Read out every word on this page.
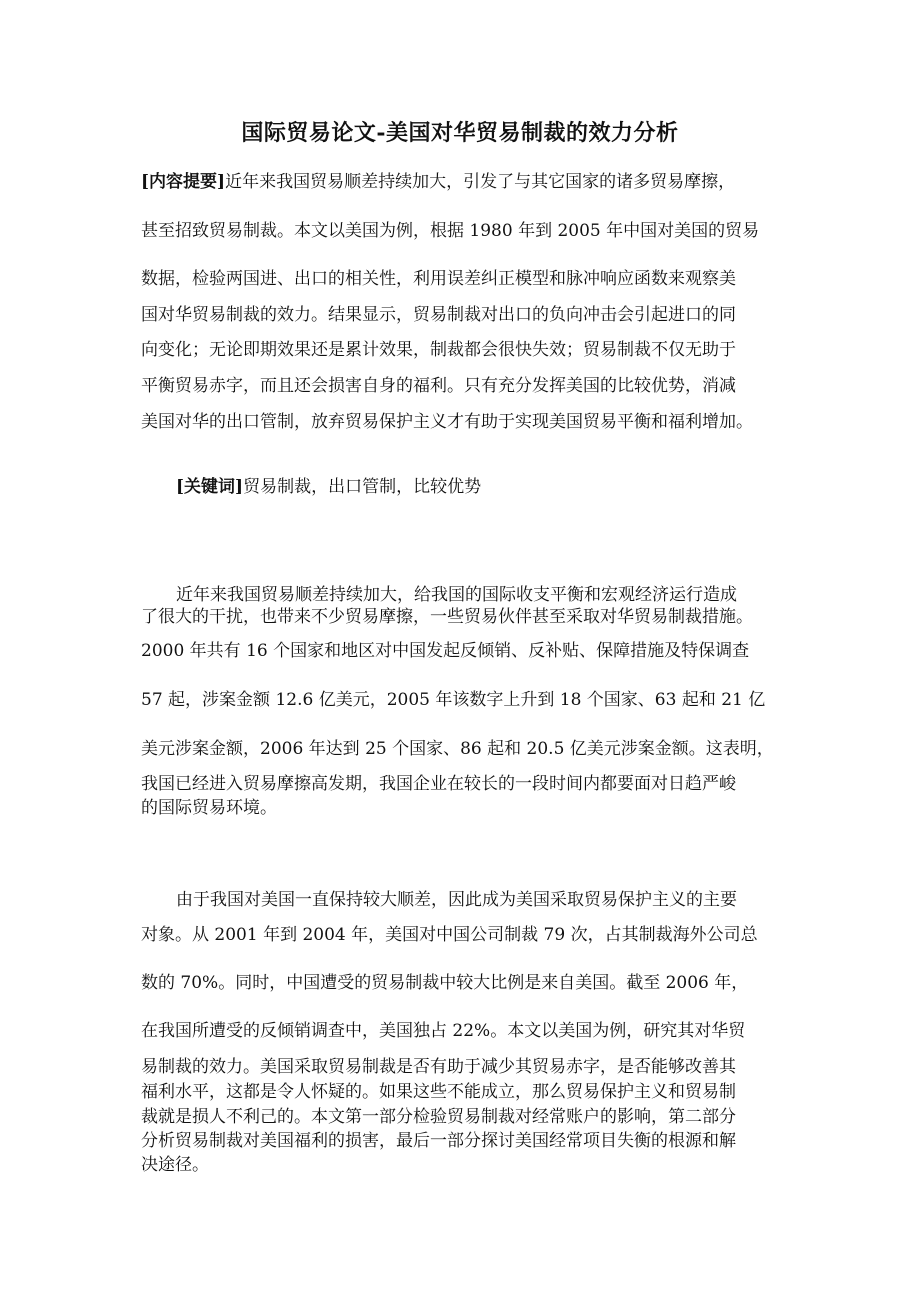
国际贸易论文-美国对华贸易制裁的效力分析
[内容提要]近年来我国贸易顺差持续加大，引发了与其它国家的诸多贸易摩擦，
甚至招致贸易制裁。本文以美国为例，根据 1980 年到 2005 年中国对美国的贸易
数据，检验两国进、出口的相关性，利用误差纠正模型和脉冲响应函数来观察美
国对华贸易制裁的效力。结果显示，贸易制裁对出口的负向冲击会引起进口的同
向变化；无论即期效果还是累计效果，制裁都会很快失效；贸易制裁不仅无助于
平衡贸易赤字，而且还会损害自身的福利。只有充分发挥美国的比较优势，消减
美国对华的出口管制，放弃贸易保护主义才有助于实现美国贸易平衡和福利增加。
[关键词]贸易制裁，出口管制，比较优势
近年来我国贸易顺差持续加大，给我国的国际收支平衡和宏观经济运行造成
了很大的干扰，也带来不少贸易摩擦，一些贸易伙伴甚至采取对华贸易制裁措施。
2000 年共有 16 个国家和地区对中国发起反倾销、反补贴、保障措施及特保调查
57 起，涉案金额 12.6 亿美元，2005 年该数字上升到 18 个国家、63 起和 21 亿
美元涉案金额，2006 年达到 25 个国家、86 起和 20.5 亿美元涉案金额。这表明，
我国已经进入贸易摩擦高发期，我国企业在较长的一段时间内都要面对日趋严峻
的国际贸易环境。
由于我国对美国一直保持较大顺差，因此成为美国采取贸易保护主义的主要
对象。从 2001 年到 2004 年，美国对中国公司制裁 79 次，占其制裁海外公司总
数的 70%。同时，中国遭受的贸易制裁中较大比例是来自美国。截至 2006 年，
在我国所遭受的反倾销调查中，美国独占 22%。本文以美国为例，研究其对华贸
易制裁的效力。美国采取贸易制裁是否有助于减少其贸易赤字，是否能够改善其
福利水平，这都是令人怀疑的。如果这些不能成立，那么贸易保护主义和贸易制
裁就是损人不利己的。本文第一部分检验贸易制裁对经常账户的影响，第二部分
分析贸易制裁对美国福利的损害，最后一部分探讨美国经常项目失衡的根源和解
决途径。
